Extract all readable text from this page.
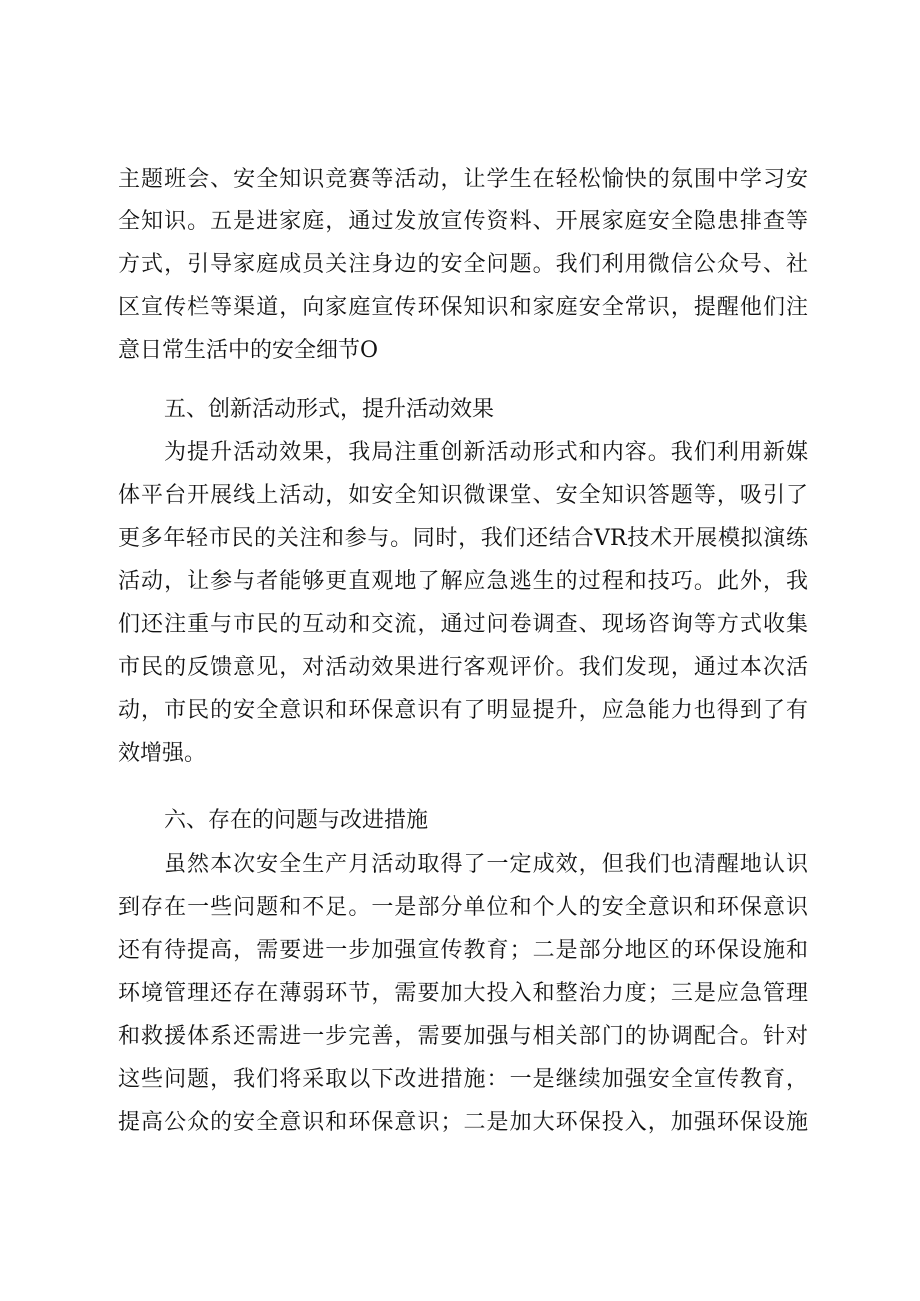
主题班会、安全知识竞赛等活动，让学生在轻松愉快的氛围中学习安
全知识。五是进家庭，通过发放宣传资料、开展家庭安全隐患排查等
方式，引导家庭成员关注身边的安全问题。我们利用微信公众号、社
区宣传栏等渠道，向家庭宣传环保知识和家庭安全常识，提醒他们注
意日常生活中的安全细节O
五、创新活动形式，提升活动效果
为提升活动效果，我局注重创新活动形式和内容。我们利用新媒
体平台开展线上活动，如安全知识微课堂、安全知识答题等，吸引了
更多年轻市民的关注和参与。同时，我们还结合VR技术开展模拟演练
活动，让参与者能够更直观地了解应急逃生的过程和技巧。此外，我
们还注重与市民的互动和交流，通过问卷调查、现场咨询等方式收集
市民的反馈意见，对活动效果进行客观评价。我们发现，通过本次活
动，市民的安全意识和环保意识有了明显提升，应急能力也得到了有
效增强。
六、存在的问题与改进措施
虽然本次安全生产月活动取得了一定成效，但我们也清醒地认识
到存在一些问题和不足。一是部分单位和个人的安全意识和环保意识
还有待提高，需要进一步加强宣传教育；二是部分地区的环保设施和
环境管理还存在薄弱环节，需要加大投入和整治力度；三是应急管理
和救援体系还需进一步完善，需要加强与相关部门的协调配合。针对
这些问题，我们将采取以下改进措施：一是继续加强安全宣传教育，
提高公众的安全意识和环保意识；二是加大环保投入，加强环保设施
